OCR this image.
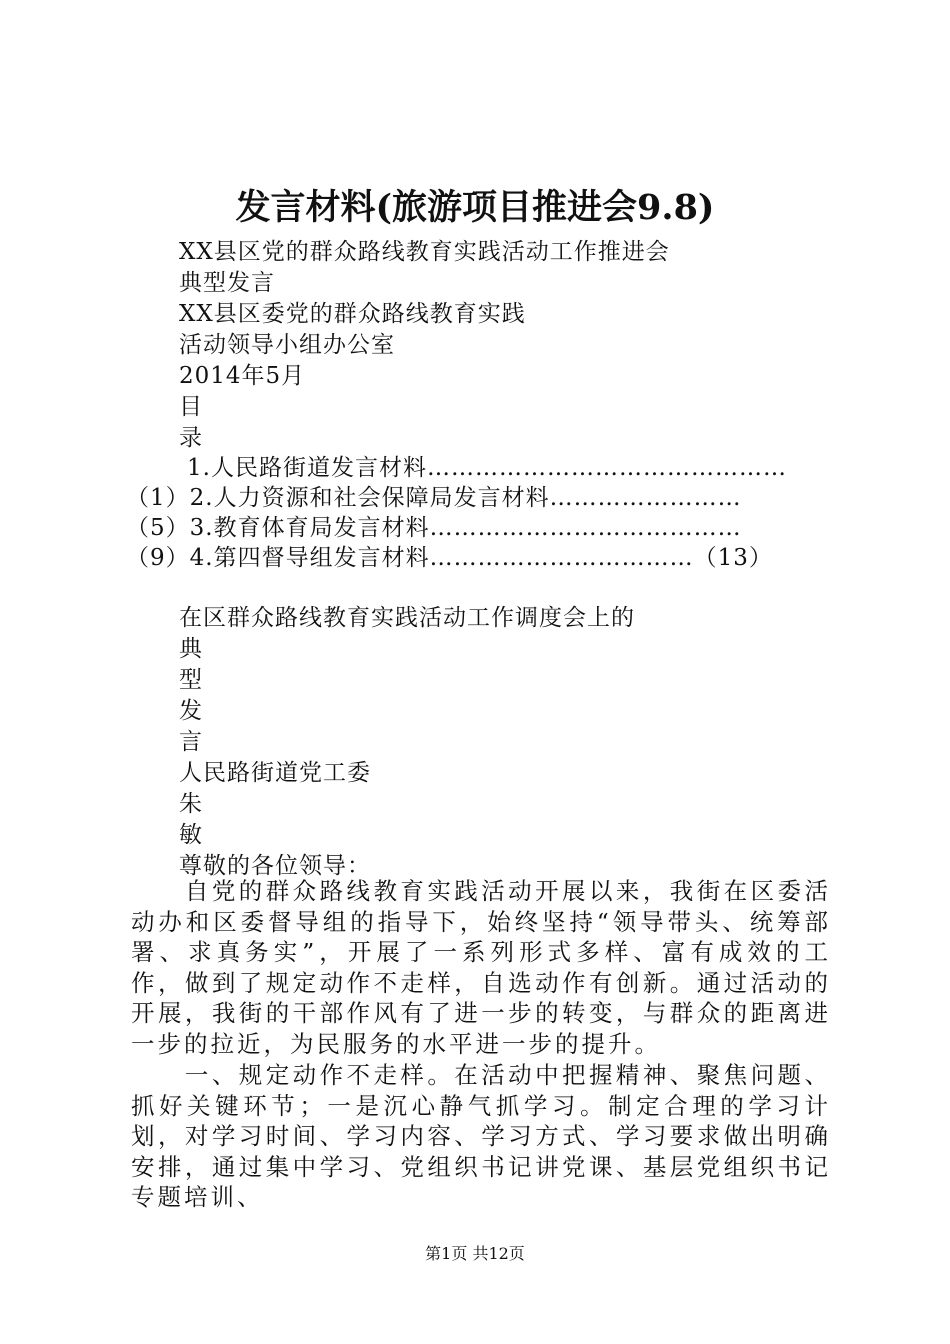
发言材料(旅游项目推进会9.8)
XX县区党的群众路线教育实践活动工作推进会
典型发言
XX县区委党的群众路线教育实践
活动领导小组办公室
2014年5月
目
录
1.人民路街道发言材料………………………………………
（1）2.人力资源和社会保障局发言材料……………………
（5）3.教育体育局发言材料…………………………………
（9）4.第四督导组发言材料……………………………（13）
在区群众路线教育实践活动工作调度会上的
典
型
发
言
人民路街道党工委
朱
敏
尊敬的各位领导：
　　自党的群众路线教育实践活动开展以来，我街在区委活动办和区委督导组的指导下，始终坚持“领导带头、统筹部署、求真务实”，开展了一系列形式多样、富有成效的工作，做到了规定动作不走样，自选动作有创新。通过活动的开展，我街的干部作风有了进一步的转变，与群众的距离进一步的拉近，为民服务的水平进一步的提升。
　　一、规定动作不走样。在活动中把握精神、聚焦问题、抓好关键环节；一是沉心静气抓学习。制定合理的学习计划，对学习时间、学习内容、学习方式、学习要求做出明确安排，通过集中学习、党组织书记讲党课、基层党组织书记专题培训、
第1页 共12页
